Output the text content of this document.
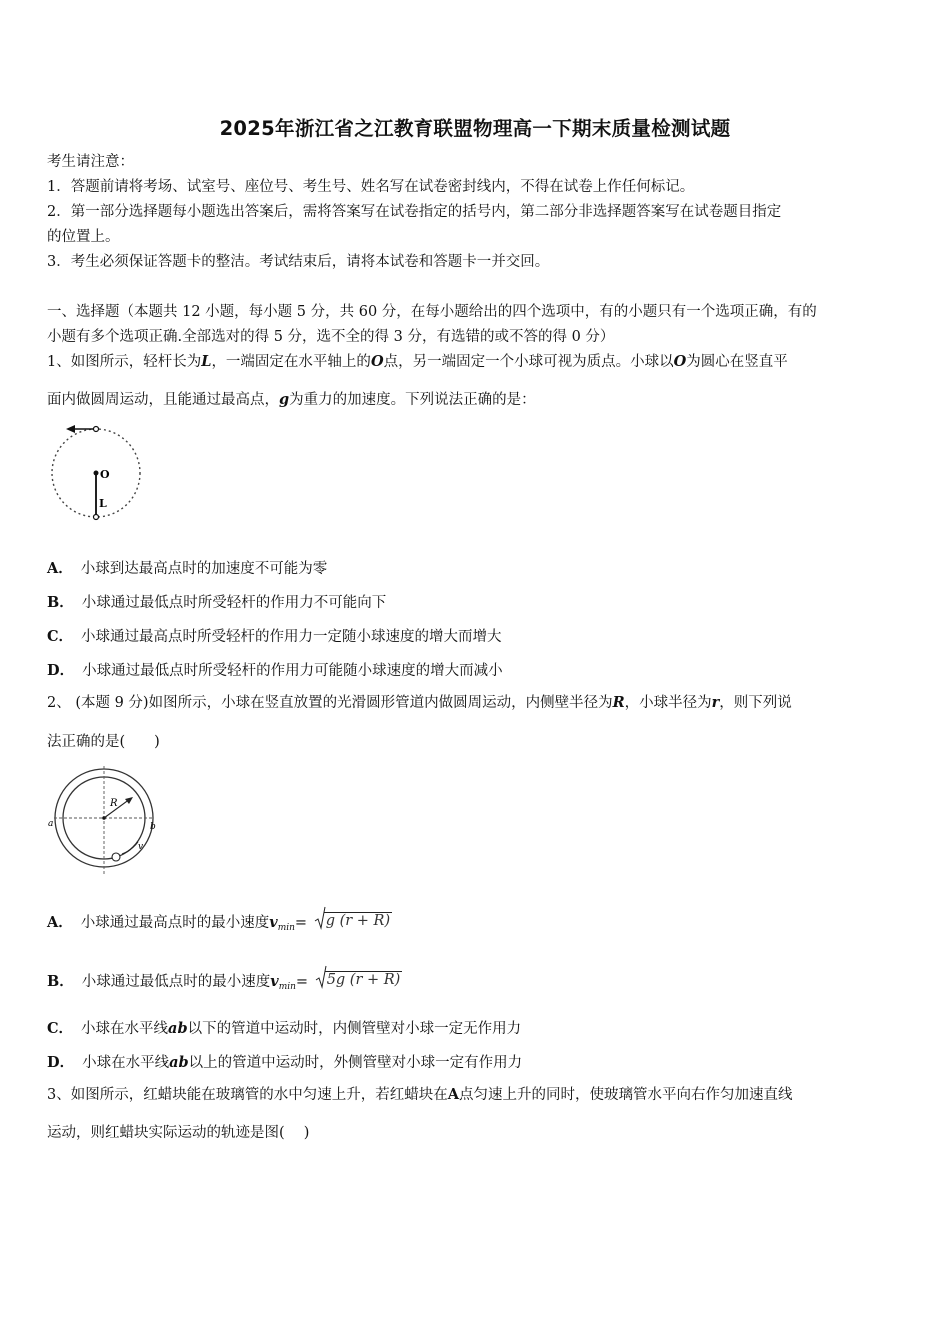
2025年浙江省之江教育联盟物理高一下期末质量检测试题
考生请注意：
1．答题前请将考场、试室号、座位号、考生号、姓名写在试卷密封线内，不得在试卷上作任何标记。
2．第一部分选择题每小题选出答案后，需将答案写在试卷指定的括号内，第二部分非选择题答案写在试卷题目指定
的位置上。
3．考生必须保证答题卡的整洁。考试结束后，请将本试卷和答题卡一并交回。
一、选择题（本题共 12 小题，每小题 5 分，共 60 分，在每小题给出的四个选项中，有的小题只有一个选项正确，有的
小题有多个选项正确.全部选对的得 5 分，选不全的得 3 分，有选错的或不答的得 0 分）
1、如图所示，轻杆长为L，一端固定在水平轴上的O点，另一端固定一个小球可视为质点。小球以O为圆心在竖直平
面内做圆周运动，且能通过最高点，g为重力的加速度。下列说法正确的是：
O
L
A． 小球到达最高点时的加速度不可能为零
B． 小球通过最低点时所受轻杆的作用力不可能向下
C． 小球通过最高点时所受轻杆的作用力一定随小球速度的增大而增大
D． 小球通过最低点时所受轻杆的作用力可能随小球速度的增大而减小
2、 (本题 9 分)如图所示，小球在竖直放置的光滑圆形管道内做圆周运动，内侧壁半径为R，小球半径为r，则下列说
法正确的是(　　)
R
a	b
v
A． 小球通过最高点时的最小速度$v_{min}= g$ (r + R)
B． 小球通过最低点时的最小速度$v_{min}= 5g$ (r + R)
C． 小球在水平线ab以下的管道中运动时，内侧管壁对小球一定无作用力
D． 小球在水平线ab以上的管道中运动时，外侧管壁对小球一定有作用力
3、如图所示，红蜡块能在玻璃管的水中匀速上升，若红蜡块在A点匀速上升的同时，使玻璃管水平向右作匀加速直线
运动，则红蜡块实际运动的轨迹是图(　 )
